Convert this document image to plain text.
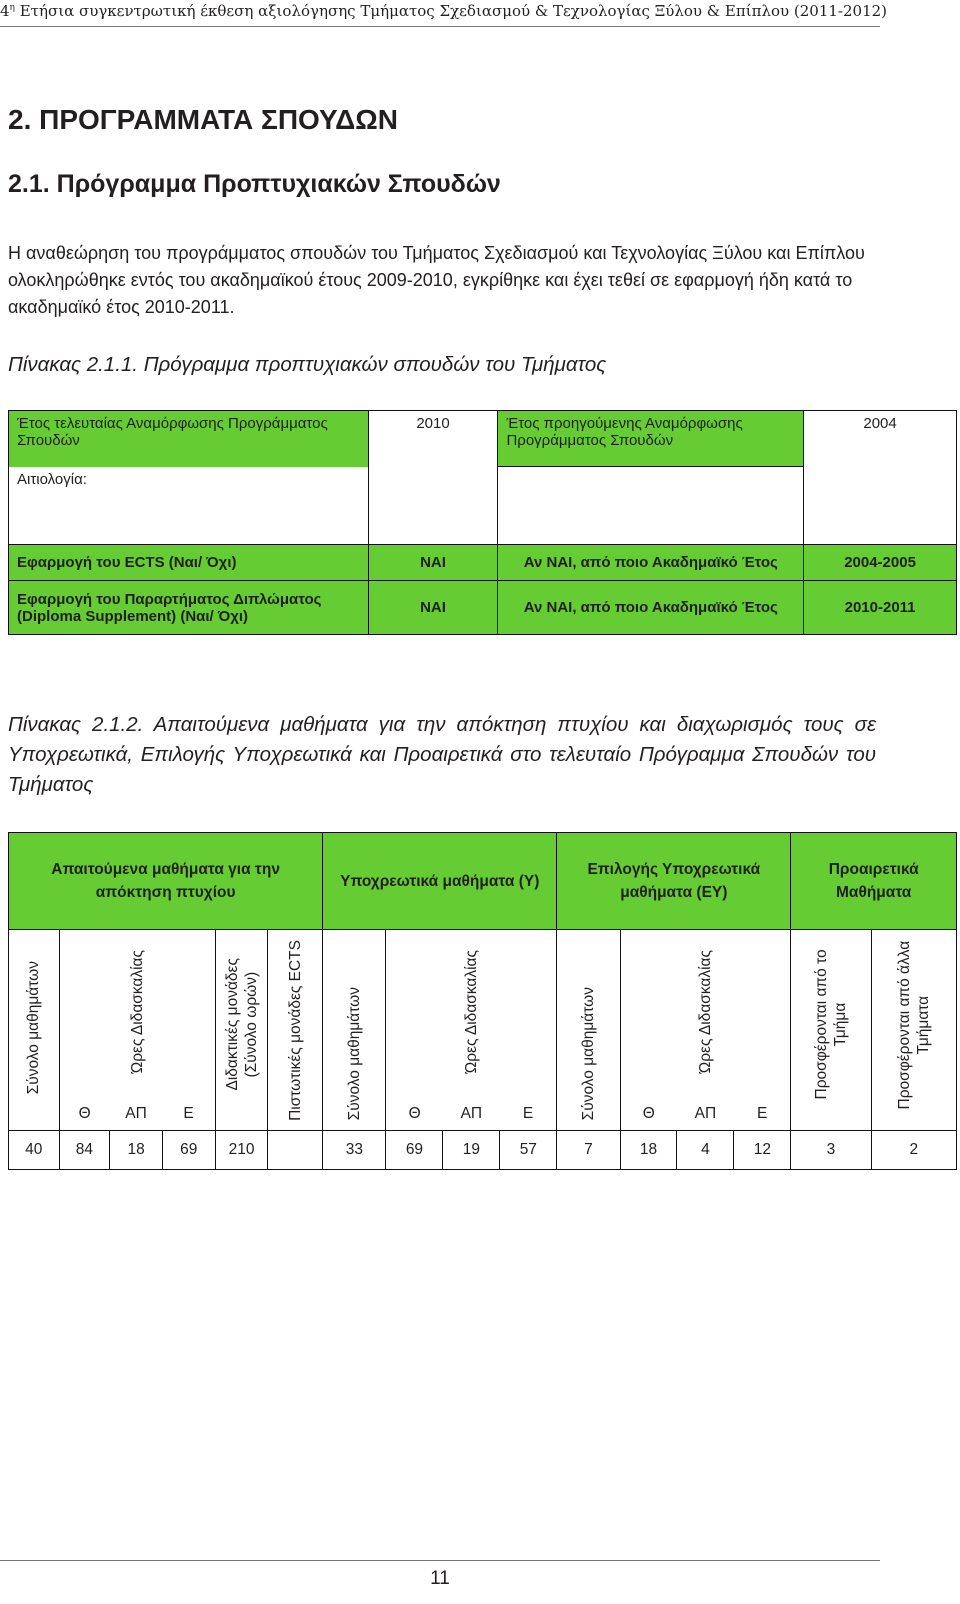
$4^\eta$ Ετήσια συγκεντρωτική έκθεση αξιολόγησης Τμήματος Σχεδιασμού & Τεχνολογίας Ξύλου & Επίπλου (2011-2012)
2. ΠΡΟΓΡΑΜΜΑΤΑ ΣΠΟΥΔΩΝ
2.1. Πρόγραμμα Προπτυχιακών Σπουδών
Η αναθεώρηση του προγράμματος σπουδών του Τμήματος Σχεδιασμού και Τεχνολογίας Ξύλου και Επίπλου ολοκληρώθηκε εντός του ακαδημαϊκού έτους 2009-2010, εγκρίθηκε και έχει τεθεί σε εφαρμογή ήδη κατά το ακαδημαϊκό έτος 2010-2011.
Πίνακας 2.1.1. Πρόγραμμα προπτυχιακών σπουδών του Τμήματος
Έτος τελευταίας Αναμόρφωσης Προγράμματος Σπουδών	2010	Έτος προηγούμενης Αναμόρφωσης Προγράμματος Σπουδών	2004
Αιτιολογία:			
Εφαρμογή του ECTS (Ναι/ Όχι)	ΝΑΙ	Αν ΝΑΙ, από ποιο Ακαδημαϊκό Έτος	2004-2005
Εφαρμογή του Παραρτήματος Διπλώματος (Diploma Supplement) (Ναι/ Όχι)	ΝΑΙ	Αν ΝΑΙ, από ποιο Ακαδημαϊκό Έτος	2010-2011
Πίνακας 2.1.2. Απαιτούμενα μαθήματα για την απόκτηση πτυχίου και διαχωρισμός τους σε Υποχρεωτικά, Επιλογής Υποχρεωτικά και Προαιρετικά στο τελευταίο Πρόγραμμα Σπουδών του Τμήματος
Απαιτούμενα μαθήματα για την απόκτηση πτυχίου						Υποχρεωτικά μαθήματα (Υ)				Επιλογής Υποχρεωτικά μαθήματα (ΕΥ)				Προαιρετικά Μαθήματα	
Σύνολο μαθημάτων	Ώρες Διδασκαλίας			Διδακτικές μονάδες (Σύνολο ωρών)	Πιστωτικές μονάδες ECTS	Σύνολο μαθημάτων	Ώρες Διδασκαλίας			Σύνολο μαθημάτων	Ώρες Διδασκαλίας			Προσφέρονται από το Τμήμα	Προσφέρονται από άλλα Τμήματα
	Θ	ΑΠ	Ε				Θ	ΑΠ	Ε		Θ	ΑΠ	Ε		
40	84	18	69	210		33	69	19	57	7	18	4	12	3	2
11
